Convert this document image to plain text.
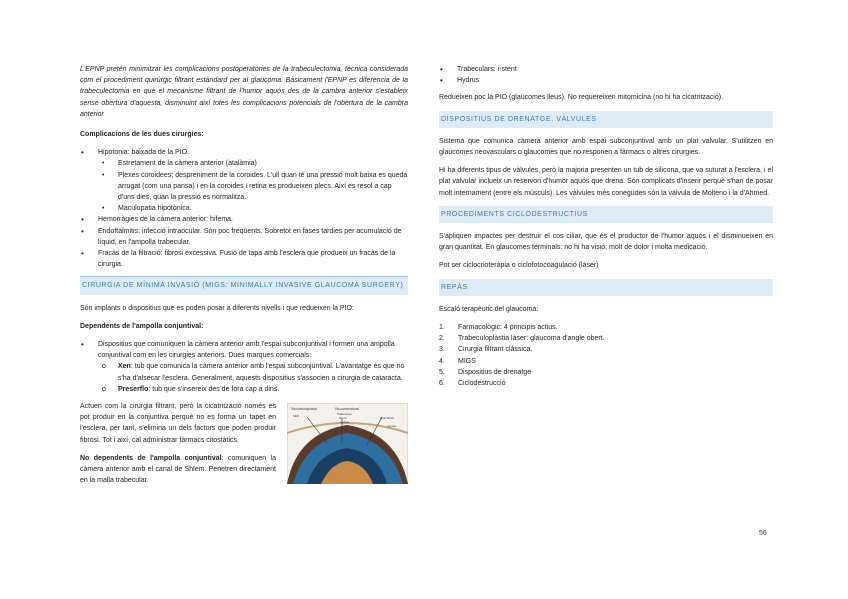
L'EPNP pretén minimitzar les complicacions postoperatòries de la trabeculectomia, tècnica considerada com el procediment quirúrgic filtrant estàndard per al glaucoma. Bàsicament l'EPNP es diferencia de la trabeculectomia en què el mecanisme filtrant de l'humor aquós des de la cambra anterior s'estableix sense obertura d'aquesta, disminuint així totes les complicacions potencials de l'obertura de la cambra anterior

Complicacions de les dues cirurgies:

• Hipotonia: baixada de la PIO.
• Estretament de la càmera anterior (atalàmia)
• Plexes coroidees; despreniment de la coroides. L'ull quan té una pressió molt baixa es queda arrugat (com una pansa) i en la coroides i retina es produeixen plecs. Així es resol a cap d'uns dies, quan la pressió es normalitza.
• Maculopatia hipotònica.
• Hemorràgies de la càmera anterior: hifema.
• Endoftalmitis: infecció intraocular. Són poc freqüents. Sobretot en fases tardies per acumulació de líquid, en l'ampolla trabecular.
• Fracàs de la filtració: fibrosi excessiva. Fusió de tapa amb l'esclera que produeix un fracàs de la cirurgia.
CIRURGIA DE MÍNIMA INVASIÓ (MIGS: MINIMALLY INVASIVE GLAUCOMA SURGERY)

Són implants o dispositius que es poden posar a diferents nivells i que redueixen la PIO:

Dependents de l'ampolla conjuntival:

• Dispositius que comuniquen la càmera anterior amb l'espai subconjuntival i formen una ampolla conjuntival com en les cirurgies anteriors. Dues marques comercials:
o Xen: tub que comunica la càmera anterior amb l'espai subconjuntival. L'avantatge és que no s'ha d'alsecar l'esclera. Generalment, aquests dispositius s'associen a cirurgia de cataracta.
o Preserflo: tub que s'insereix des de fora cap a dins.

Actuen com la cirurgia filtrant, però la cicatrització només es pot produir en la conjuntiva perquè no es forma un tapet en l'esclera, per tant, s'elimina un dels factors que poden produir fibrosi. Tot i així, cal administrar fàrmacs citostàtics.

No dependents de l'ampolla conjuntival: comuniquen la càmera anterior amb el canal de Shlem. Penetren directament en la malla trabecular.

Via subconjuntival	Via convencional
Trabectome
iStent
Hydrus
Gold Shunt
XEN
Cypass
• Trabeculars: i-stent
• Hydrus

Redueixen poc la PIO (glaucomes lleus). No requereixen mitomicina (no hi ha cicatrització).

DISPOSITIUS DE DRENATGE. VÀLVULES

Sistema que comunica càmera anterior amb espai subconjuntival amb un plat valvular. S'utilitzen en glaucomes neovasculars o glaucomes que no responen a fàrmacs o altres cirurgies.

Hi ha diferents tipus de vàlvules, però la majoria presenten un tub de silicona, que va suturat a l'esclera, i el plat valvular inclueix un reservori d'humor aquós que drena. Són complicats d'inserir perquè s'han de posar molt internament (entre els músculs). Les vàlvules més conegudes són la vàlvula de Molteno i la d'Ahmed.

PROCEDIMENTS CICLODESTRUCTIUS

S'apliquen impactes per destruir el cos ciliar, que és el productor de l'humor aquós i el disminueixen en gran quantitat. En glaucomes terminals: no hi ha visió, molt de dolor i molta medicació.

Pot ser ciclocrioteràpia o ciclofotocoagulació (làser)

REPÀS

Escaló terapèutic del glaucoma:

1. Farmacològic: 4 principis actius.
2. Trabeculoplàstia làser: glaucoma d'angle obert.
3. Cirurgia filtrant clàssica.
4. MIGS
5. Dispositius de drenatge
6. Ciclodestrucció
56
